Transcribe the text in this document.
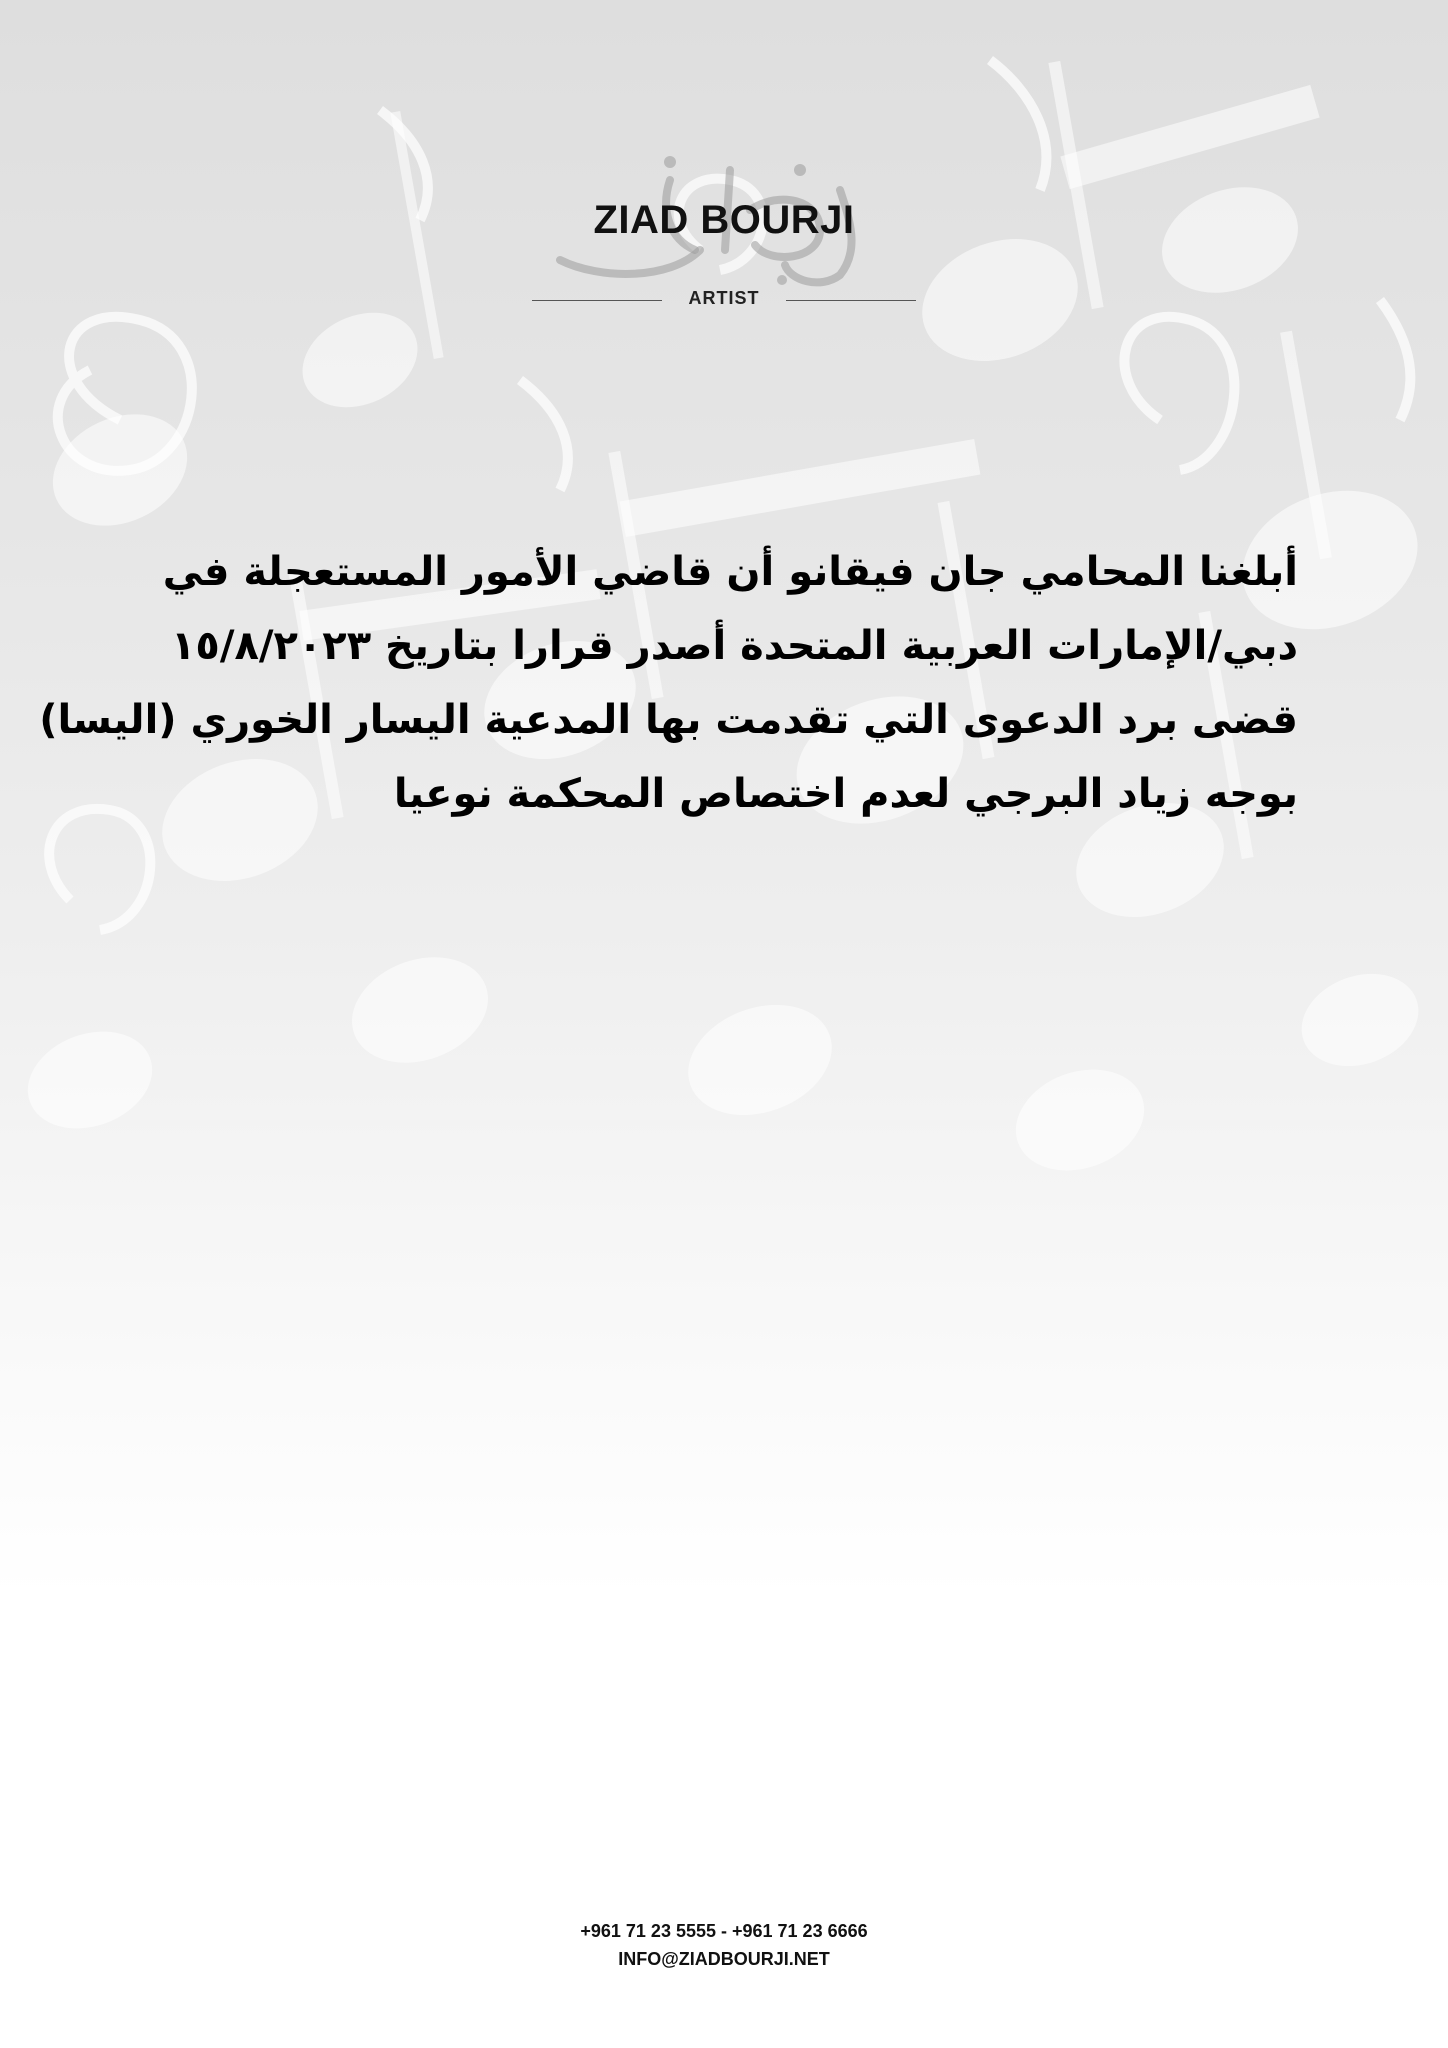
ZIAD BOURJI
ARTIST
أبلغنا المحامي جان فيقانو أن قاضي الأمور المستعجلة في
دبي/الإمارات العربية المتحدة أصدر قرارا بتاريخ ١٥/٨/٢٠٢٣
قضى برد الدعوى التي تقدمت بها المدعية اليسار الخوري (اليسا)
بوجه زياد البرجي لعدم اختصاص المحكمة نوعيا
+961 71 23 5555 - +961 71 23 6666
INFO@ZIADBOURJI.NET
